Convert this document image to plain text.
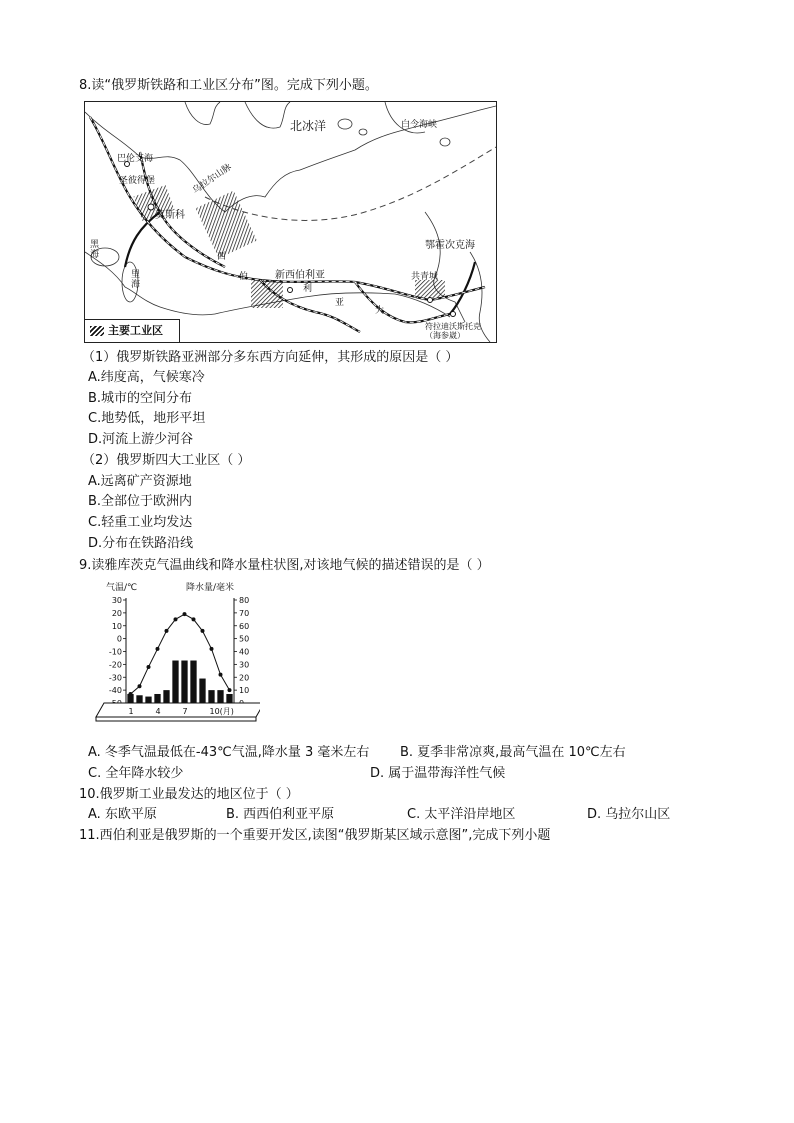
8.读“俄罗斯铁路和工业区分布”图。完成下列小题。
北冰洋	白令海峡
巴伦支海
圣彼得堡
莫斯科
鄂霍次克海
黑海
里海
伯	新西伯利亚
利
亚
大
西
共青城
符拉迪沃斯托克（海参崴）
乌拉尔山脉
主要工业区
（1）俄罗斯铁路亚洲部分多东西方向延伸，其形成的原因是（ ）
A.纬度高，气候寒冷
B.城市的空间分布
C.地势低，地形平坦
D.河流上游少河谷
（2）俄罗斯四大工业区（ ）
A.远离矿产资源地
B.全部位于欧洲内
C.轻重工业均发达
D.分布在铁路沿线
9.读雅库茨克气温曲线和降水量柱状图,对该地气候的描述错误的是（ ）
气温/℃	降水量/毫米
30
20
10
0
-10
-20
-30
-40
80
70
60
50
40
30
20
10
1	4	7	10(月)
A. 冬季气温最低在-43℃气温,降水量 3 毫米左右 B. 夏季非常凉爽,最高气温在 10℃左右
C. 全年降水较少	D. 属于温带海洋性气候
10.俄罗斯工业最发达的地区位于（ ）
A. 东欧平原	B. 西西伯利亚平原	C. 太平洋沿岸地区	D. 乌拉尔山区
11.西伯利亚是俄罗斯的一个重要开发区,读图“俄罗斯某区域示意图”,完成下列小题
